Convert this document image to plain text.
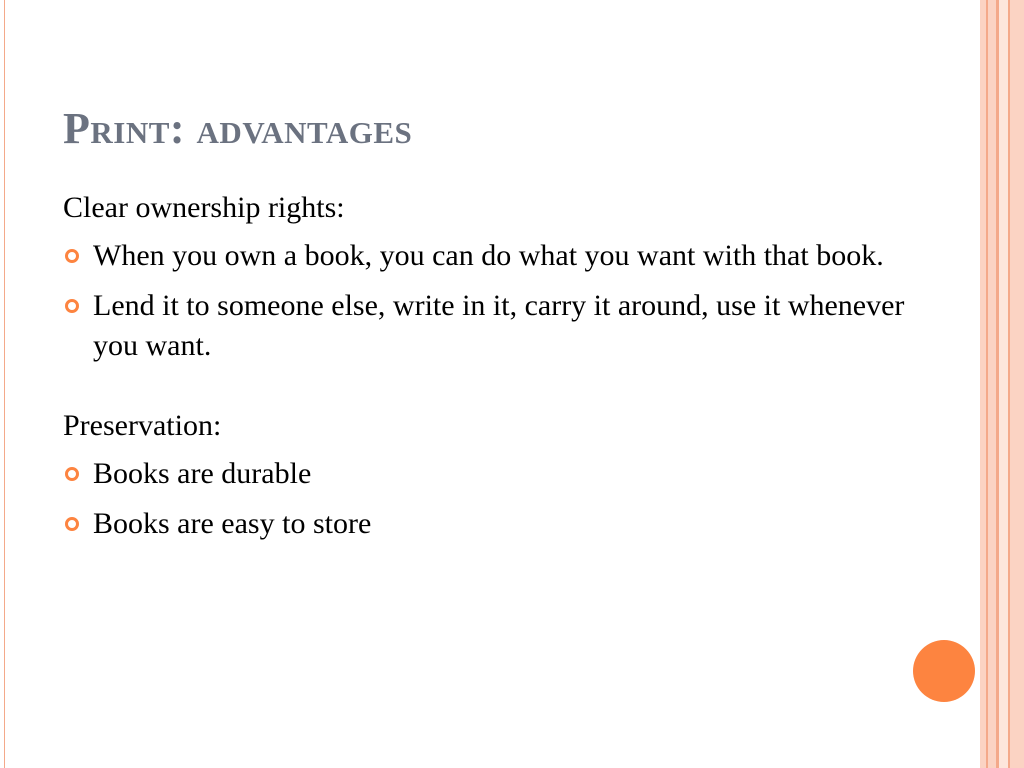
Print: advantages

Clear ownership rights:

When you own a book, you can do what you want with that book.
Lend it to someone else, write in it, carry it around, use it whenever you want.

Preservation:

Books are durable
Books are easy to store
